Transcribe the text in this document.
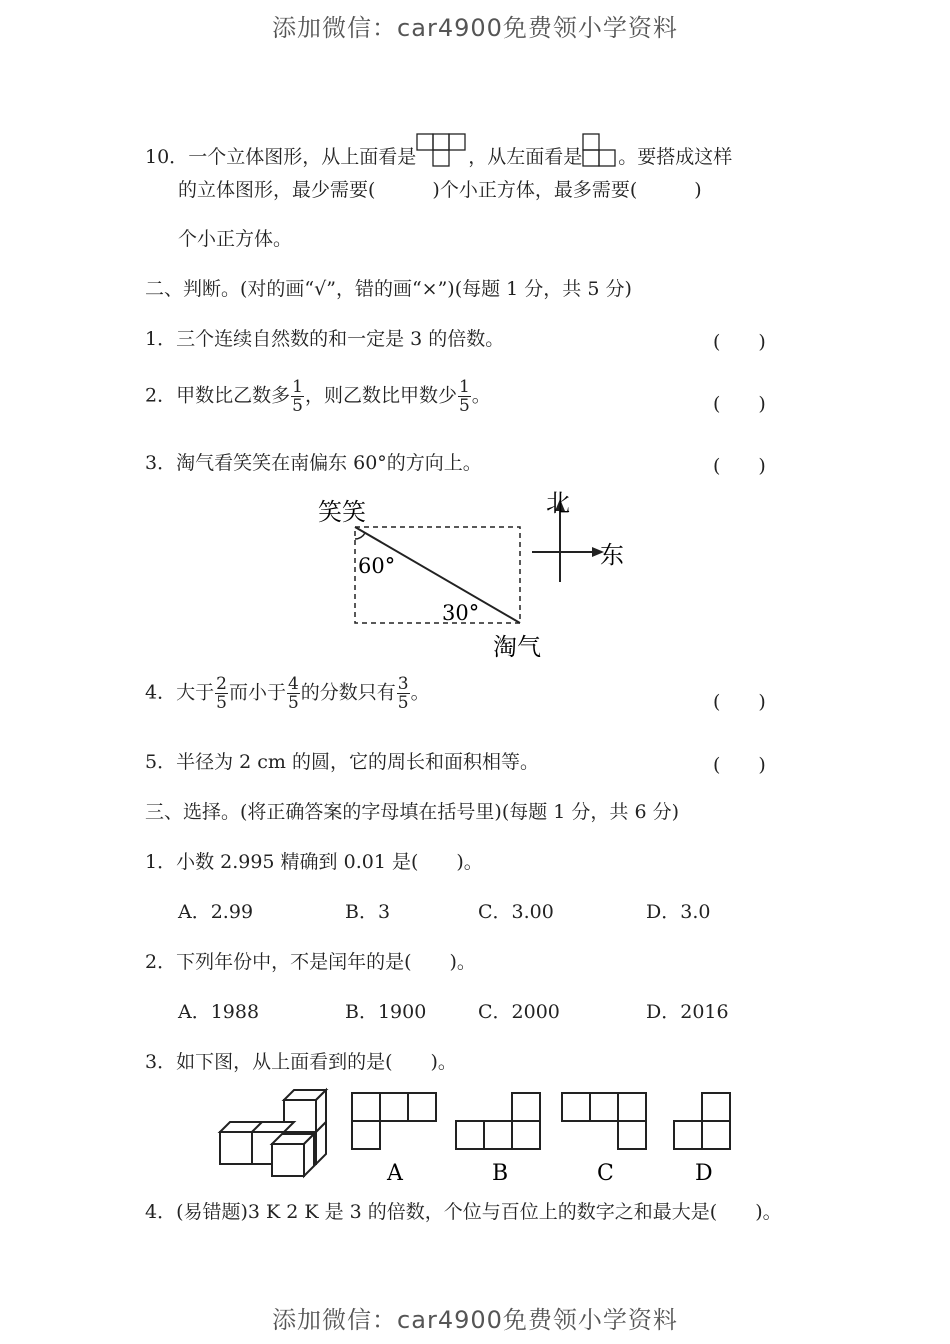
添加微信：car4900免费领小学资料
添加微信：car4900免费领小学资料
10．一个立体图形，从上面看是	，从左面看是 。要搭成这样
的立体图形，最少需要(　　　)个小正方体，最多需要(　　　)
个小正方体。
二、判断。(对的画“√”，错的画“×”)(每题 1 分，共 5 分)
1．三个连续自然数的和一定是 3 的倍数。	(　　)
2．甲数比乙数多 $\frac{1}{5}$ ，则乙数比甲数少 $\frac{1}{5}$ 。	(　　)
3．淘气看笑笑在南偏东 60°的方向上。	(　　)
笑笑
60°
30°
淘气
北
东
4．大于 $\frac{2}{5}$ 而小于 $\frac{4}{5}$ 的分数只有 $\frac{3}{5}$ 。	(　　)
5．半径为 2 cm 的圆，它的周长和面积相等。	(　　)
三、选择。(将正确答案的字母填在括号里)(每题 1 分，共 6 分)
1．小数 2.995 精确到 0.01 是(　　)。
A．2.99	B．3	C．3.00	D．3.0
2．下列年份中，不是闰年的是(　　)。
A．1988	B．1900	C．2000	D．2016
3．如下图，从上面看到的是(　　)。
A	B	C	D
4．(易错题)3 K 2 K 是 3 的倍数，个位与百位上的数字之和最大是(　　)。
